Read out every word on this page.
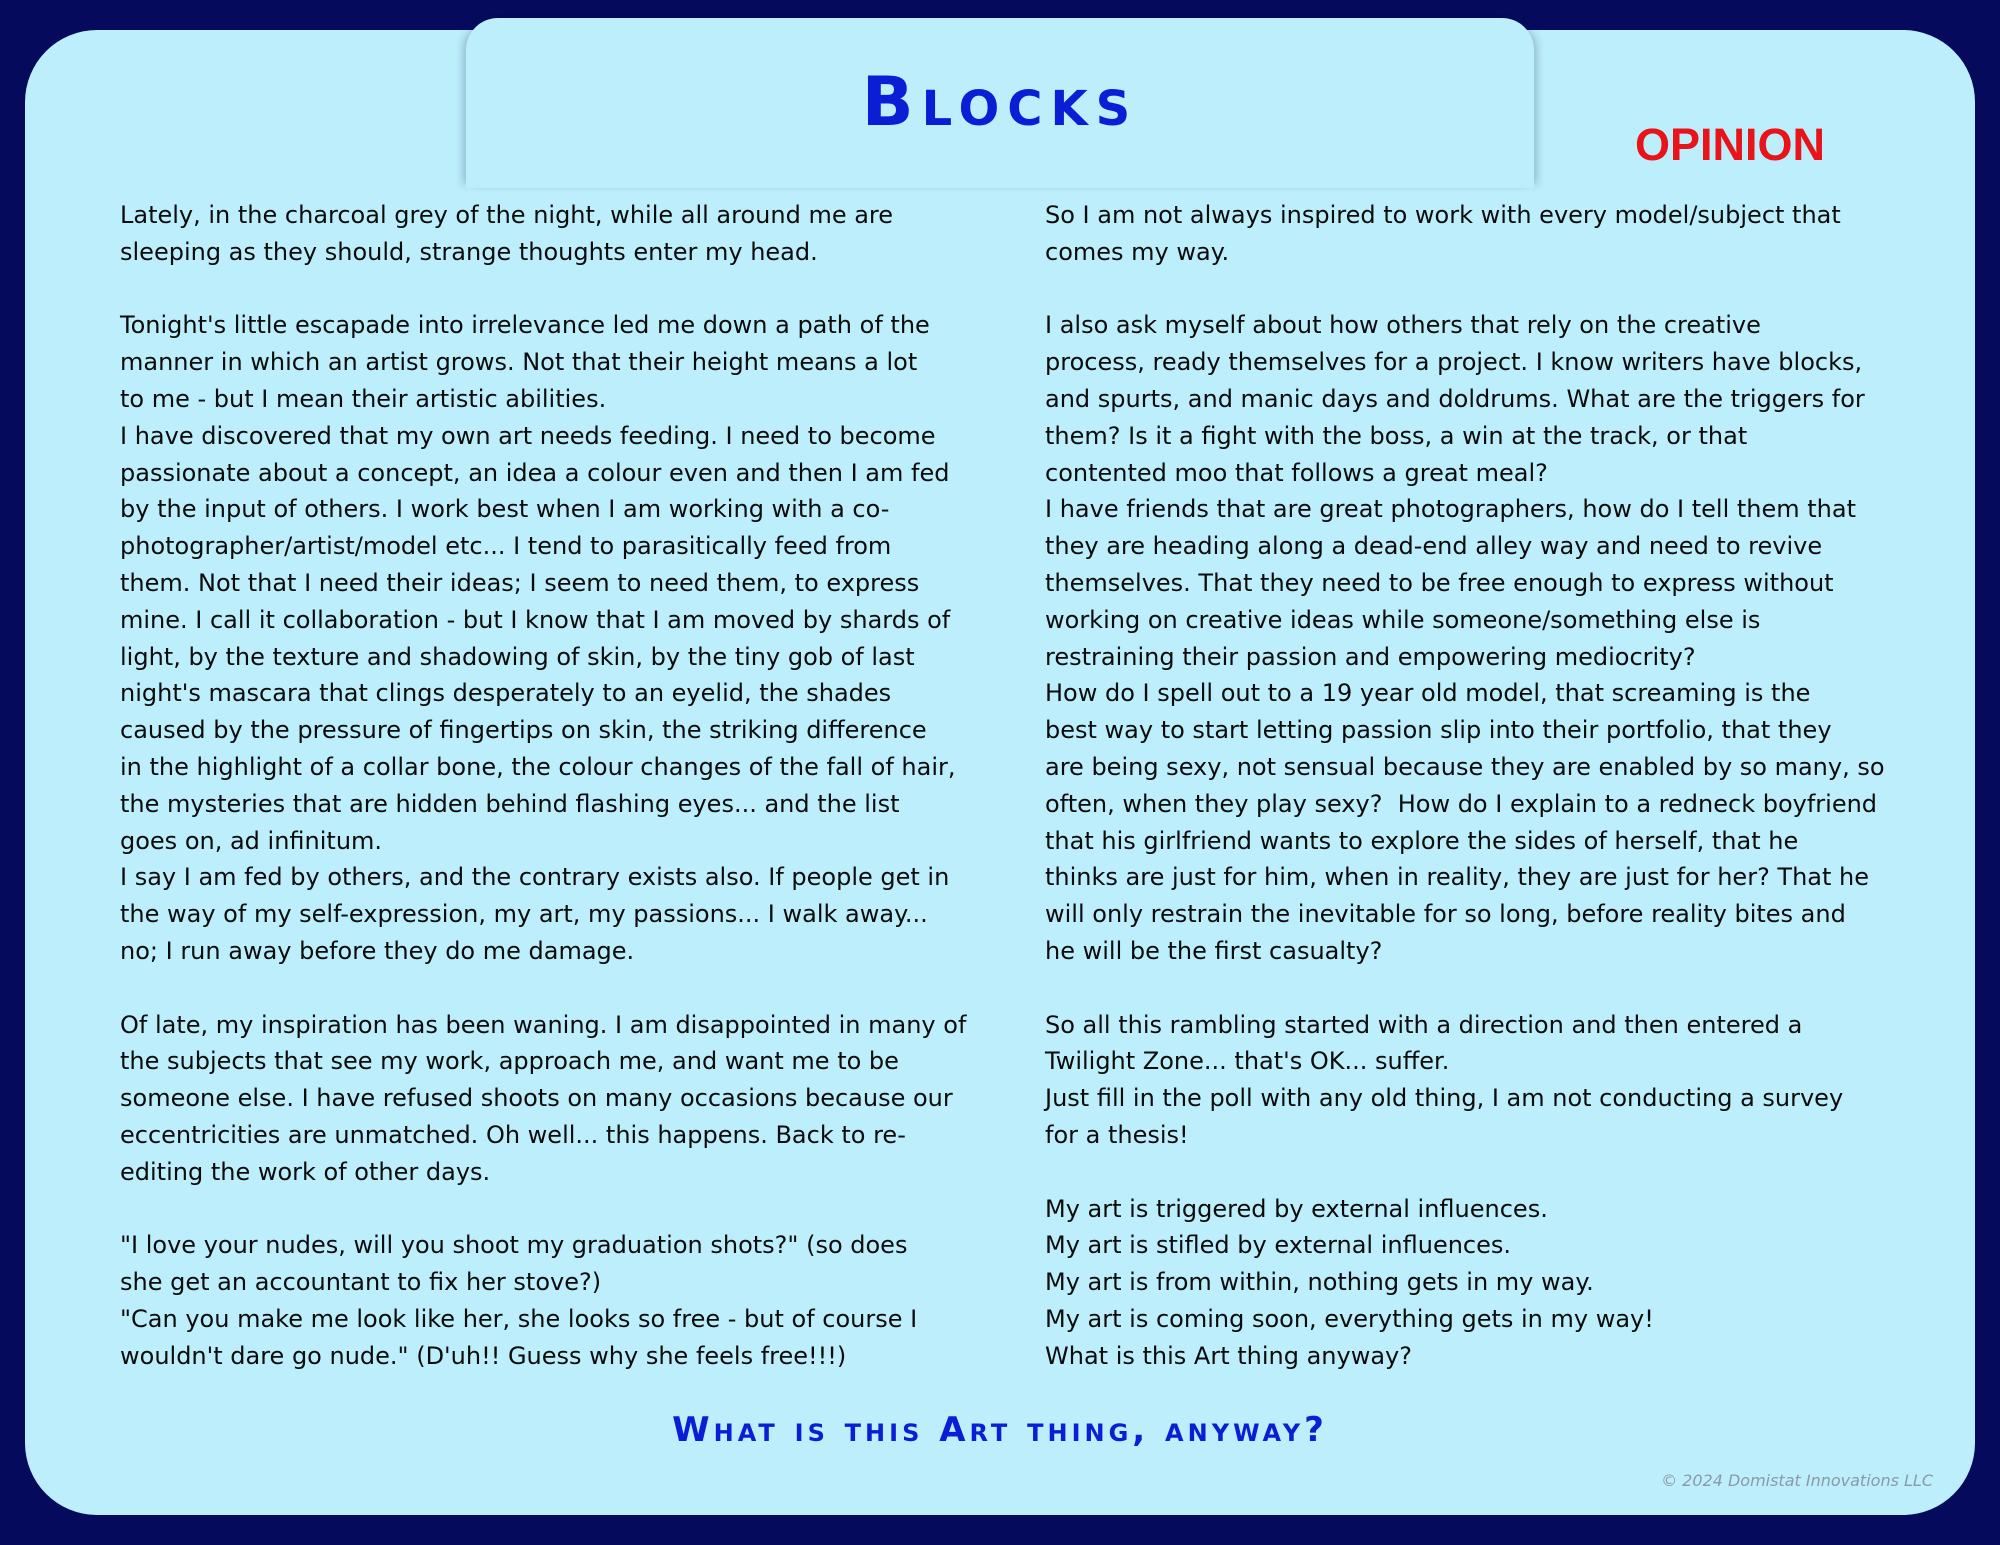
Blocks
OPINION
Lately, in the charcoal grey of the night, while all around me are
sleeping as they should, strange thoughts enter my head.

Tonight's little escapade into irrelevance led me down a path of the
manner in which an artist grows. Not that their height means a lot
to me - but I mean their artistic abilities.
I have discovered that my own art needs feeding. I need to become
passionate about a concept, an idea a colour even and then I am fed
by the input of others. I work best when I am working with a co-
photographer/artist/model etc... I tend to parasitically feed from
them. Not that I need their ideas; I seem to need them, to express
mine. I call it collaboration - but I know that I am moved by shards of
light, by the texture and shadowing of skin, by the tiny gob of last
night's mascara that clings desperately to an eyelid, the shades
caused by the pressure of fingertips on skin, the striking difference
in the highlight of a collar bone, the colour changes of the fall of hair,
the mysteries that are hidden behind flashing eyes... and the list
goes on, ad infinitum.
I say I am fed by others, and the contrary exists also. If people get in
the way of my self-expression, my art, my passions... I walk away...
no; I run away before they do me damage.

Of late, my inspiration has been waning. I am disappointed in many of
the subjects that see my work, approach me, and want me to be
someone else. I have refused shoots on many occasions because our
eccentricities are unmatched. Oh well... this happens. Back to re-
editing the work of other days.

"I love your nudes, will you shoot my graduation shots?" (so does
she get an accountant to fix her stove?)
"Can you make me look like her, she looks so free - but of course I
wouldn't dare go nude." (D'uh!! Guess why she feels free!!!)
So I am not always inspired to work with every model/subject that
comes my way.

I also ask myself about how others that rely on the creative
process, ready themselves for a project. I know writers have blocks,
and spurts, and manic days and doldrums. What are the triggers for
them? Is it a fight with the boss, a win at the track, or that
contented moo that follows a great meal?
I have friends that are great photographers, how do I tell them that
they are heading along a dead-end alley way and need to revive
themselves. That they need to be free enough to express without
working on creative ideas while someone/something else is
restraining their passion and empowering mediocrity?
How do I spell out to a 19 year old model, that screaming is the
best way to start letting passion slip into their portfolio, that they
are being sexy, not sensual because they are enabled by so many, so
often, when they play sexy?  How do I explain to a redneck boyfriend
that his girlfriend wants to explore the sides of herself, that he
thinks are just for him, when in reality, they are just for her? That he
will only restrain the inevitable for so long, before reality bites and
he will be the first casualty?

So all this rambling started with a direction and then entered a
Twilight Zone... that's OK... suffer.
Just fill in the poll with any old thing, I am not conducting a survey
for a thesis!

My art is triggered by external influences.
My art is stifled by external influences.
My art is from within, nothing gets in my way.
My art is coming soon, everything gets in my way!
What is this Art thing anyway?
What is this Art thing, anyway?
© 2024 Domistat Innovations LLC
